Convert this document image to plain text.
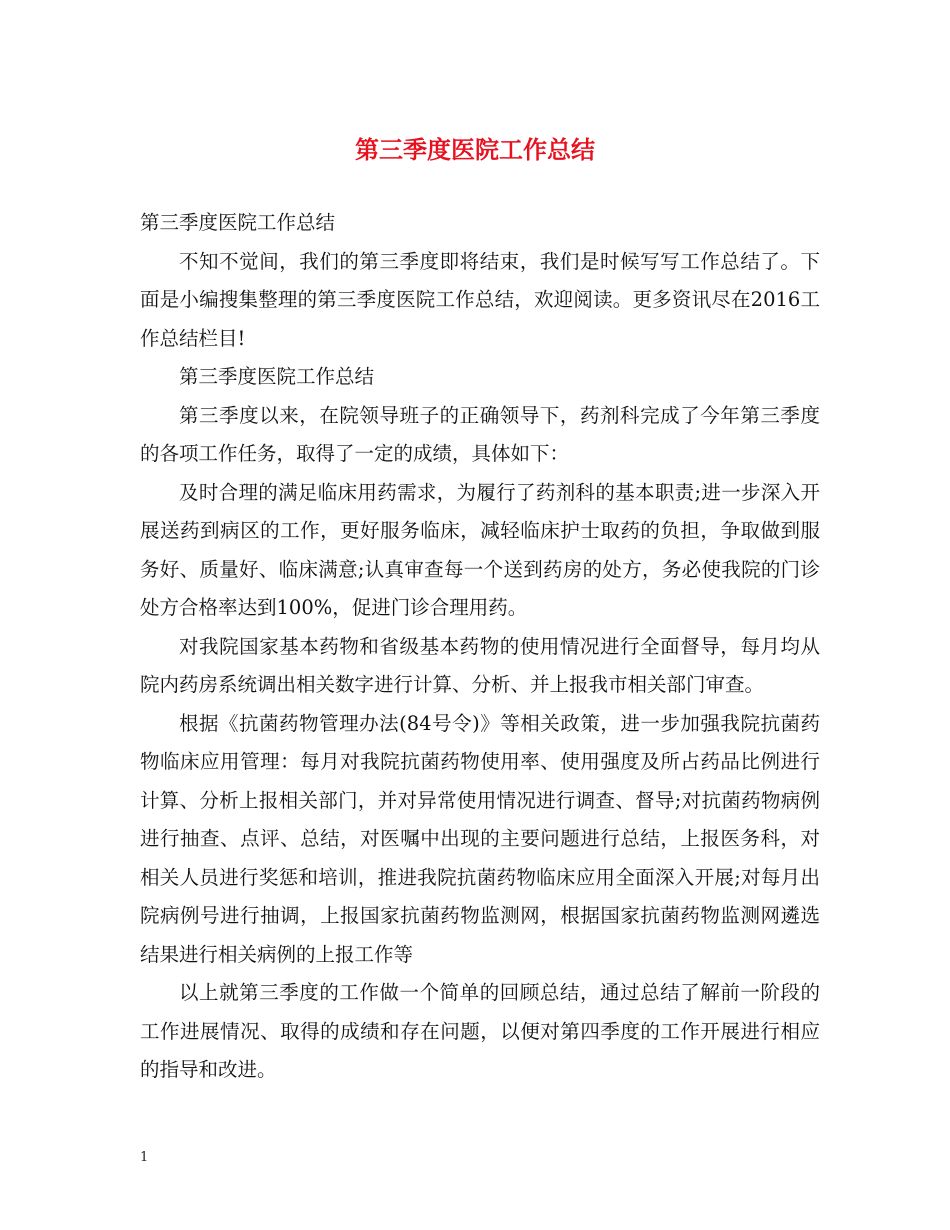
第三季度医院工作总结

第三季度医院工作总结

不知不觉间，我们的第三季度即将结束，我们是时候写写工作总结了。下面是小编搜集整理的第三季度医院工作总结，欢迎阅读。更多资讯尽在2016工作总结栏目!

第三季度医院工作总结

第三季度以来，在院领导班子的正确领导下，药剂科完成了今年第三季度的各项工作任务，取得了一定的成绩，具体如下：

及时合理的满足临床用药需求，为履行了药剂科的基本职责;进一步深入开展送药到病区的工作，更好服务临床，减轻临床护士取药的负担，争取做到服务好、质量好、临床满意;认真审查每一个送到药房的处方，务必使我院的门诊处方合格率达到100%，促进门诊合理用药。

对我院国家基本药物和省级基本药物的使用情况进行全面督导，每月均从院内药房系统调出相关数字进行计算、分析、并上报我市相关部门审查。

根据《抗菌药物管理办法(84号令)》等相关政策，进一步加强我院抗菌药物临床应用管理：每月对我院抗菌药物使用率、使用强度及所占药品比例进行计算、分析上报相关部门，并对异常使用情况进行调查、督导;对抗菌药物病例进行抽查、点评、总结，对医嘱中出现的主要问题进行总结，上报医务科，对相关人员进行奖惩和培训，推进我院抗菌药物临床应用全面深入开展;对每月出院病例号进行抽调，上报国家抗菌药物监测网，根据国家抗菌药物监测网遴选结果进行相关病例的上报工作等

以上就第三季度的工作做一个简单的回顾总结，通过总结了解前一阶段的工作进展情况、取得的成绩和存在问题，以便对第四季度的工作开展进行相应的指导和改进。

1
